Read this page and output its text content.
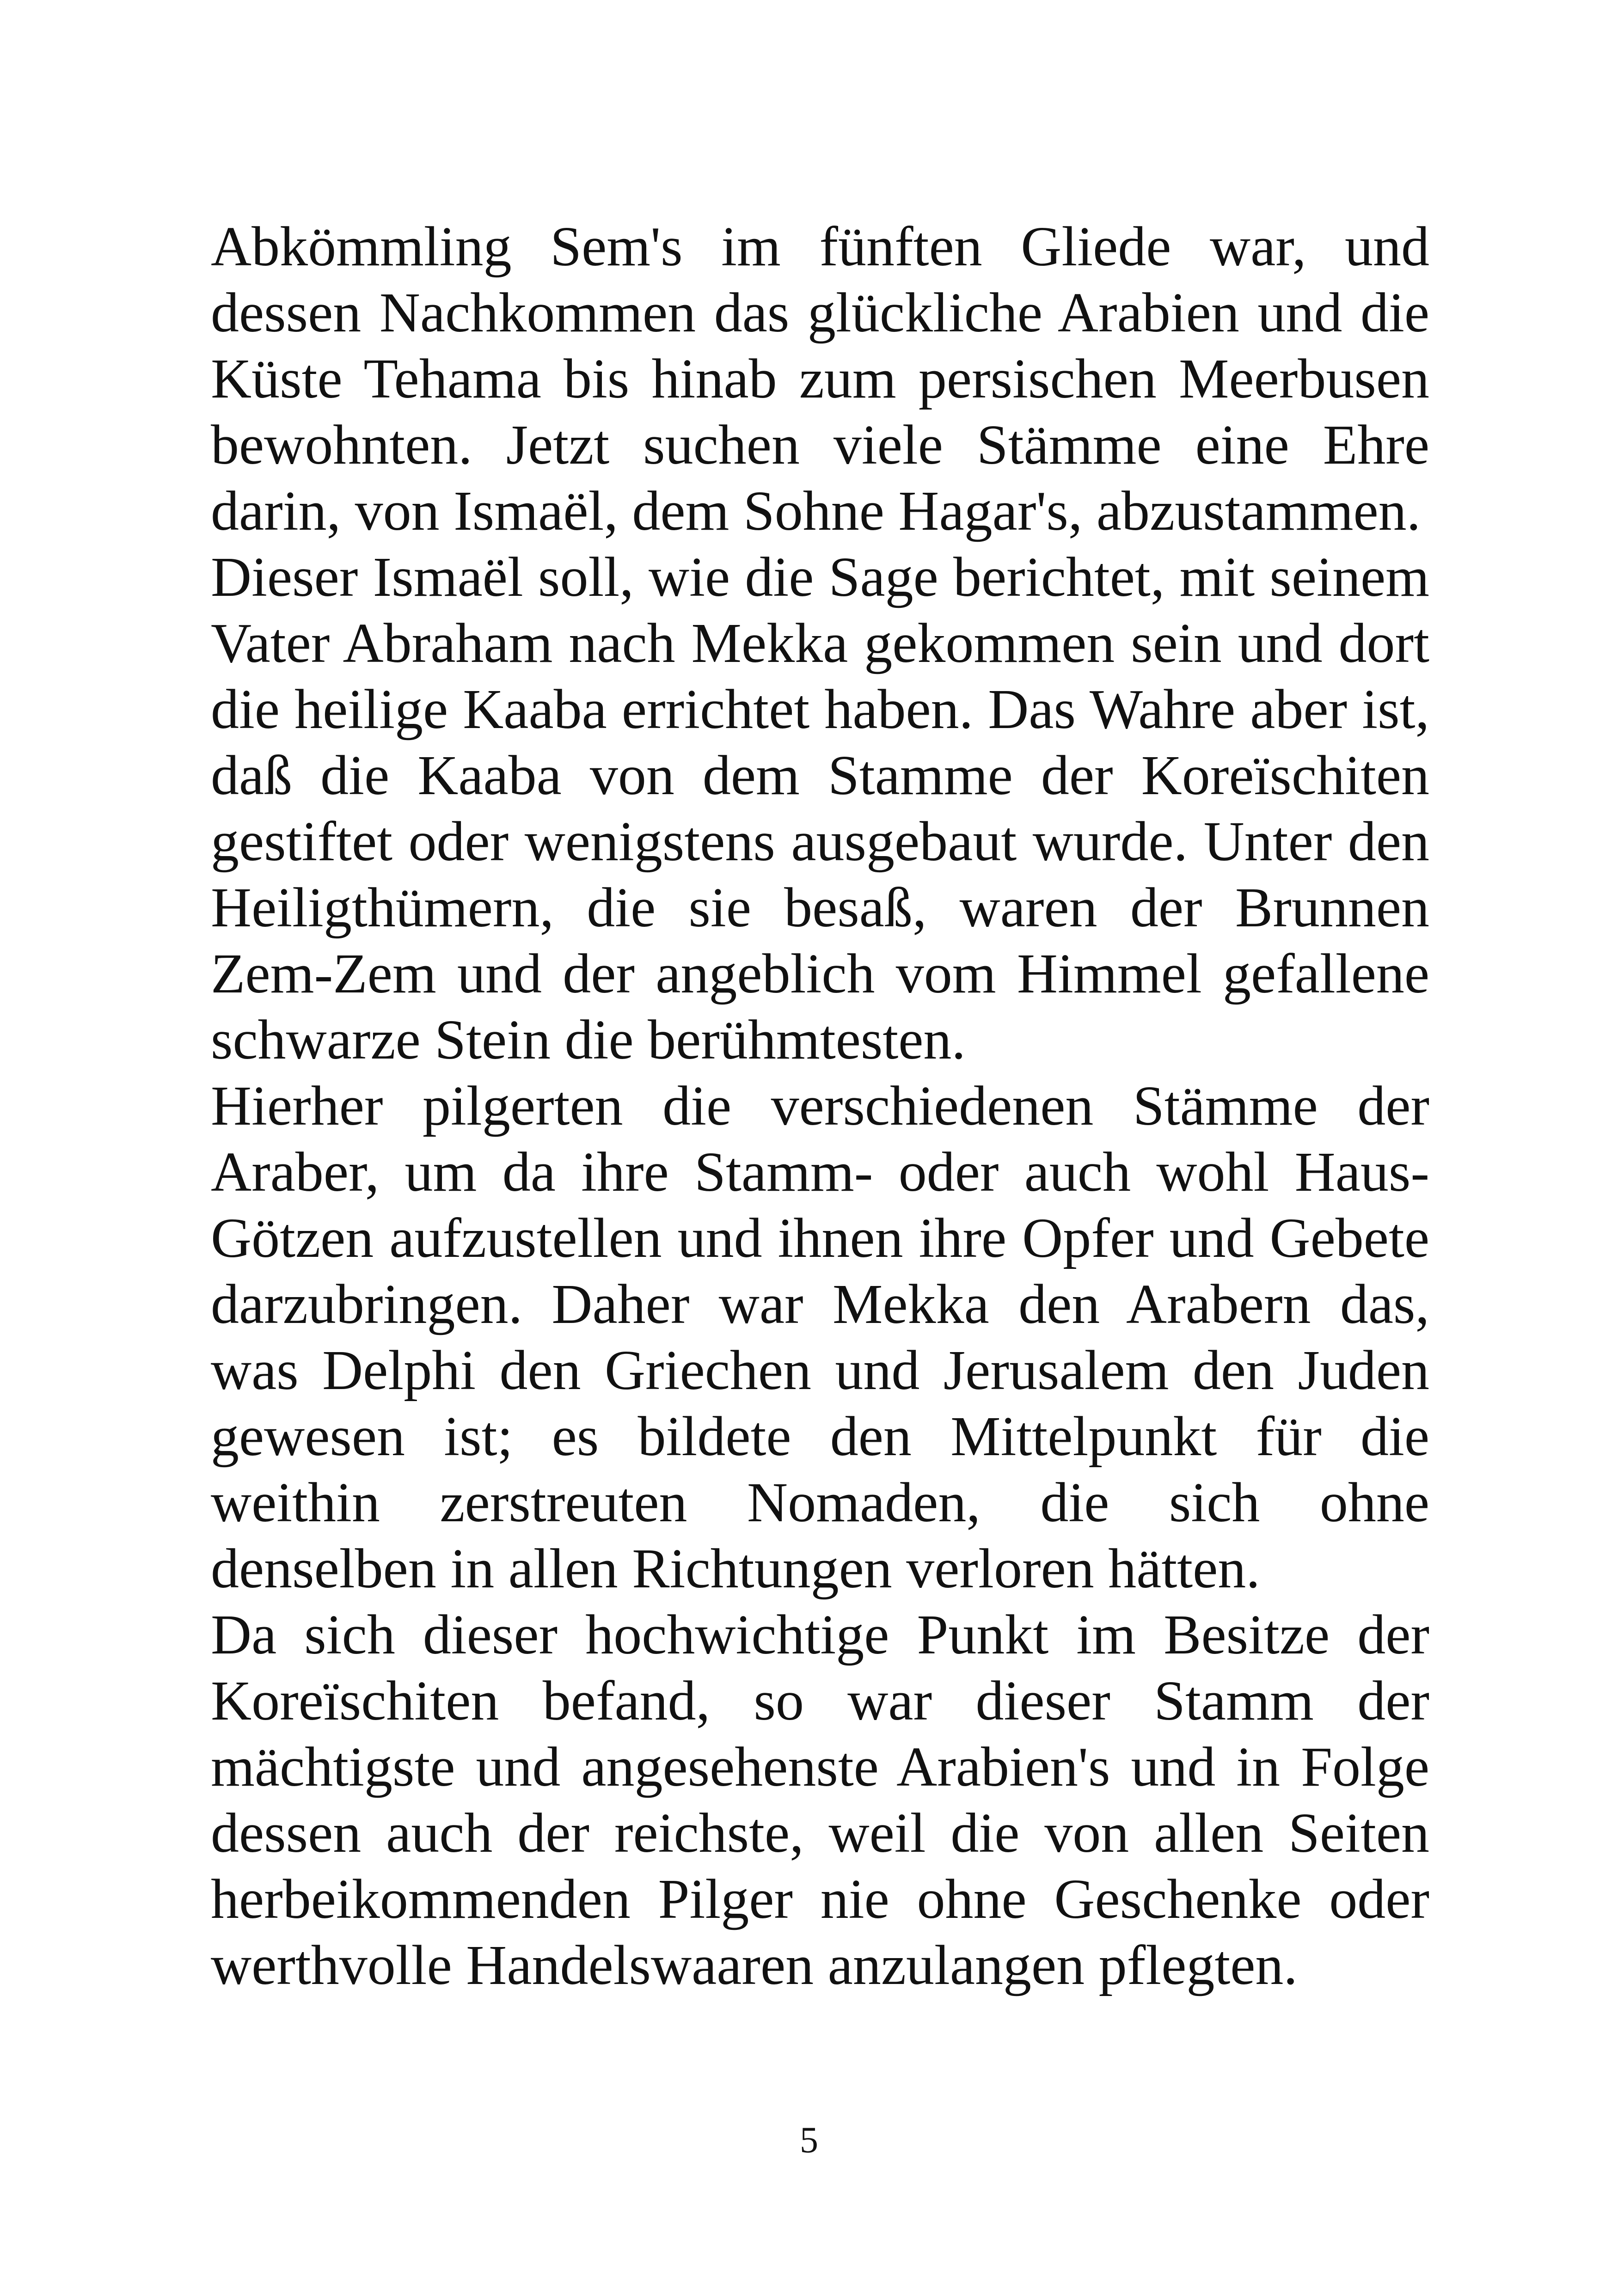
Abkömmling Sem's im fünften Gliede war, und dessen Nachkommen das glückliche Arabien und die Küste Tehama bis hinab zum persischen Meerbusen bewohnten. Jetzt suchen viele Stämme eine Ehre darin, von Ismaël, dem Sohne Hagar's, abzustammen.

Dieser Ismaël soll, wie die Sage berichtet, mit seinem Vater Abraham nach Mekka gekommen sein und dort die heilige Kaaba errichtet haben. Das Wahre aber ist, daß die Kaaba von dem Stamme der Koreïschiten gestiftet oder wenigstens ausgebaut wurde. Unter den Heiligthümern, die sie besaß, waren der Brunnen Zem-Zem und der angeblich vom Himmel gefallene schwarze Stein die berühmtesten.

Hierher pilgerten die verschiedenen Stämme der Araber, um da ihre Stamm- oder auch wohl Haus-Götzen aufzustellen und ihnen ihre Opfer und Gebete darzubringen. Daher war Mekka den Arabern das, was Delphi den Griechen und Jerusalem den Juden gewesen ist; es bildete den Mittelpunkt für die weithin zerstreuten Nomaden, die sich ohne denselben in allen Richtungen verloren hätten.

Da sich dieser hochwichtige Punkt im Besitze der Koreïschiten befand, so war dieser Stamm der mächtigste und angesehenste Arabien's und in Folge dessen auch der reichste, weil die von allen Seiten herbeikommenden Pilger nie ohne Geschenke oder werthvolle Handelswaaren anzulangen pflegten.

5
